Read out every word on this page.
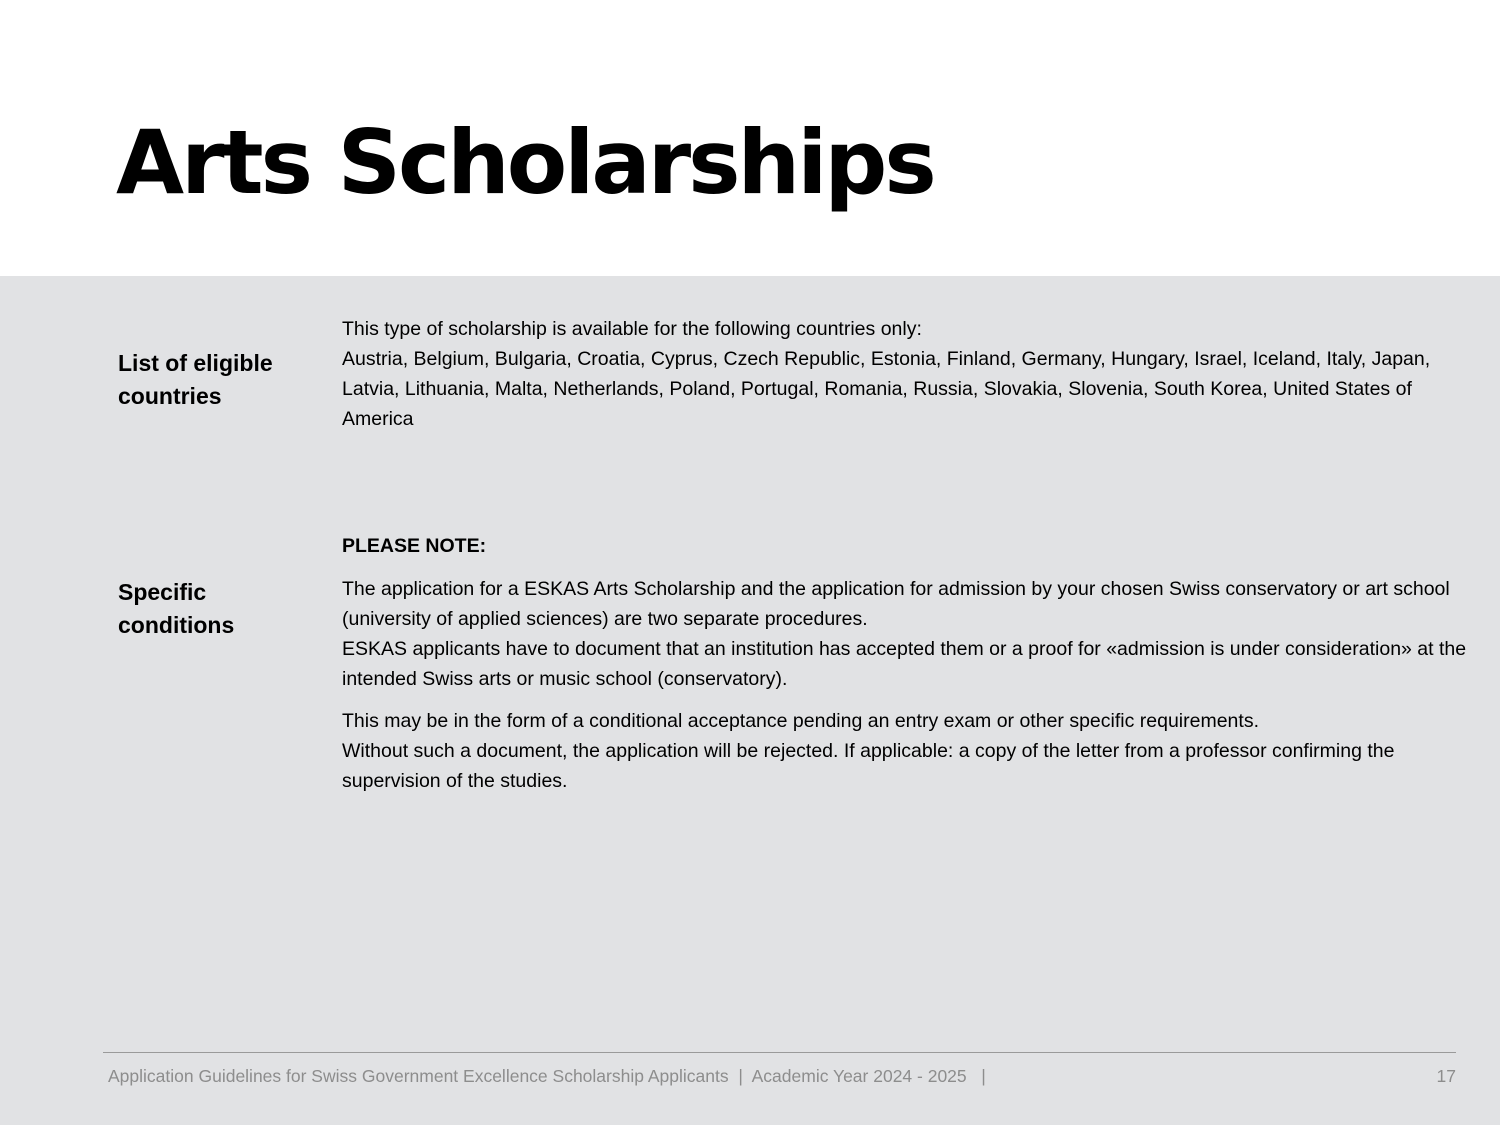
Arts Scholarships

List of eligible countries

This type of scholarship is available for the following countries only:
Austria, Belgium, Bulgaria, Croatia, Cyprus, Czech Republic, Estonia, Finland, Germany, Hungary, Israel, Iceland, Italy, Japan, Latvia, Lithuania, Malta, Netherlands, Poland, Portugal, Romania, Russia, Slovakia, Slovenia, South Korea, United States of America

Specific conditions

PLEASE NOTE:

The application for a ESKAS Arts Scholarship and the application for admission by your chosen Swiss conservatory or art school (university of applied sciences) are two separate procedures.

ESKAS applicants have to document that an institution has accepted them or a proof for «admission is under consideration» at the intended Swiss arts or music school (conservatory).

This may be in the form of a conditional acceptance pending an entry exam or other specific requirements.

Without such a document, the application will be rejected. If applicable: a copy of the letter from a professor confirming the supervision of the studies.

Application Guidelines for Swiss Government Excellence Scholarship Applicants  |  Academic Year 2024 - 2025   |	17
